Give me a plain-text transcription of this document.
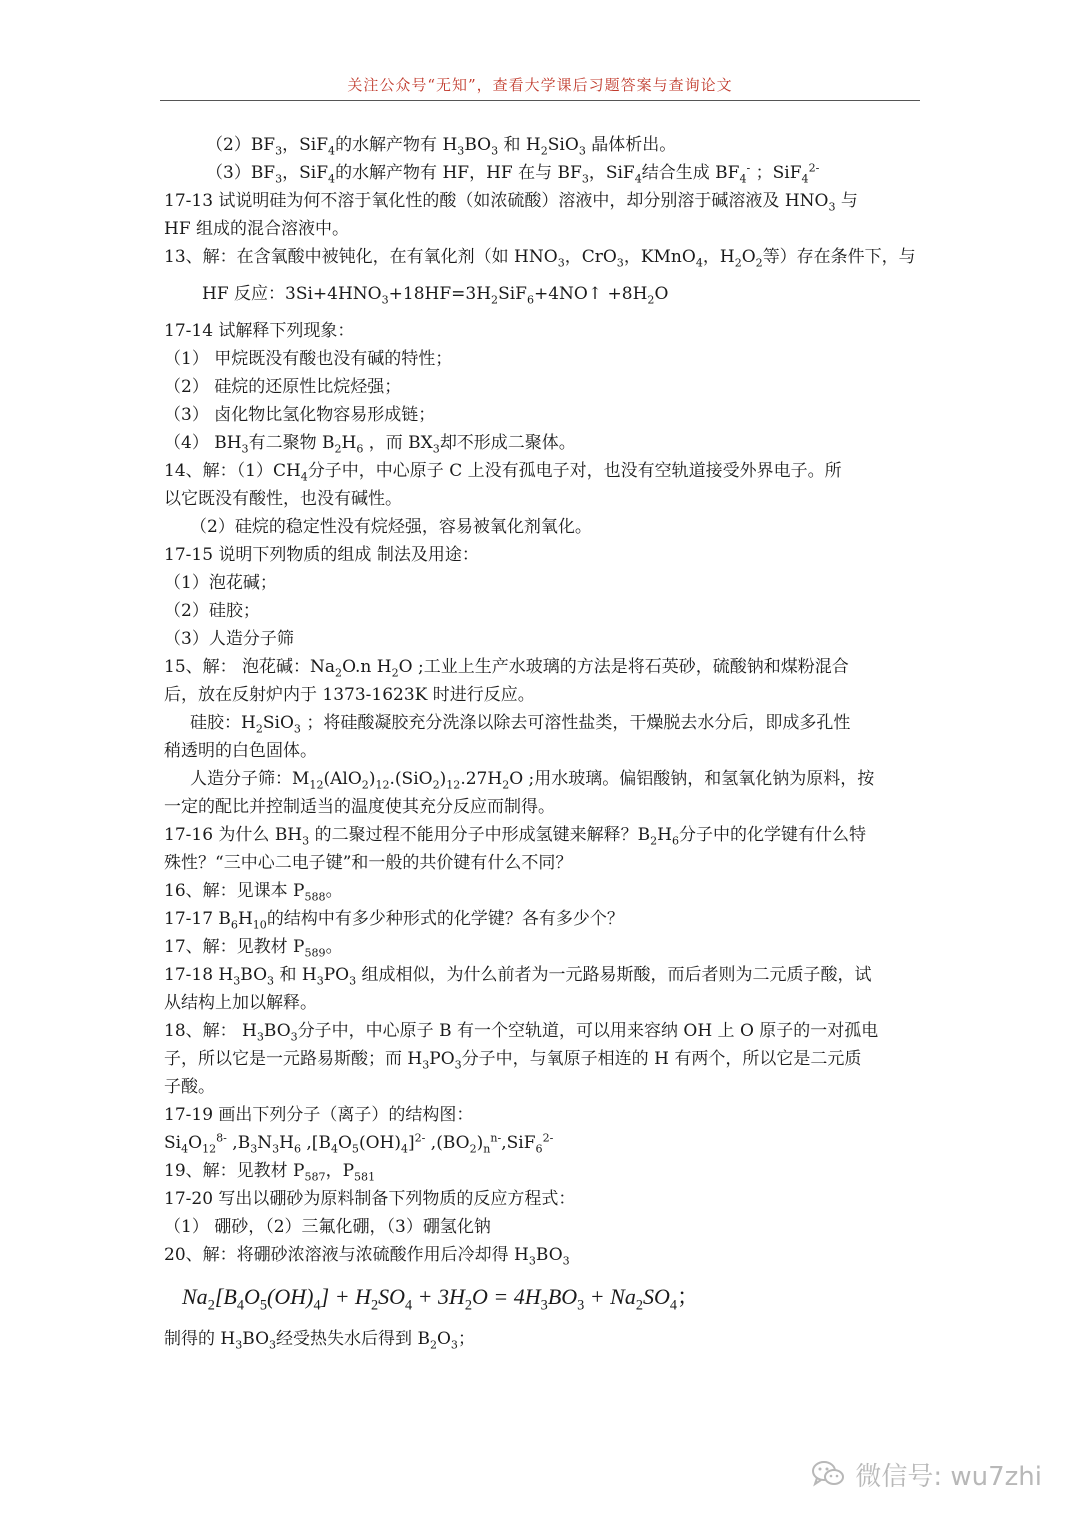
关注公众号“无知”，查看大学课后习题答案与查询论文

$(2)BF_3$，SiF$_4$的水解产物有 $H_3BO_3$ 和 $H_2SiO_3$ 晶体析出。

$(3)BF_3$，SiF$_4$的水解产物有 HF，HF 在与 $BF_3$，SiF$_4$结合生成 $BF_4^-$ ；SiF$_4^{2-}$

17-13 试说明硅为何不溶于氧化性的酸（如浓硫酸）溶液中，却分别溶于碱溶液及 $HNO_3$ 与

HF 组成的混合溶液中。

13、解：在含氧酸中被钝化，在有氧化剂（如 $HNO_3$，CrO$_3$，KMnO$_4$，$H_2O_2$等）存在条件下，与

HF 反应：$3Si+4HNO_3+18HF=3H_2SiF_6+4NO↑ +8H_2O$

17-14 试解释下列现象：

（1） 甲烷既没有酸也没有碱的特性；

（2） 硅烷的还原性比烷烃强；

（3） 卤化物比氢化物容易形成链；

（4） $BH_3$有二聚物 $B_2H_6$ ，而 $BX_3$却不形成二聚体。

14、解：$(1)CH_4$分子中，中心原子 C 上没有孤电子对，也没有空轨道接受外界电子。所

以它既没有酸性，也没有碱性。

（2）硅烷的稳定性没有烷烃强，容易被氧化剂氧化。

17-15 说明下列物质的组成 制法及用途：

（1）泡花碱；

（2）硅胶；

（3）人造分子筛

15、解： 泡花碱：$Na_2O.n$ $H_2O$ ;工业上生产水玻璃的方法是将石英砂，硫酸钠和煤粉混合

后，放在反射炉内于 1373-1623K 时进行反应。

硅胶：$H_2SiO_3$ ；将硅酸凝胶充分洗涤以除去可溶性盐类，干燥脱去水分后，即成多孔性

稍透明的白色固体。

人造分子筛：$M_{12}(AlO_2)_{12}.(SiO_2)_{12}.27H_2O$ ;用水玻璃。偏铝酸钠，和氢氧化钠为原料，按

一定的配比并控制适当的温度使其充分反应而制得。

17-16 为什么 $BH_3$ 的二聚过程不能用分子中形成氢键来解释？$B_2H_6$分子中的化学键有什么特

殊性？“三中心二电子键”和一般的共价键有什么不同？

16、解：见课本 $P_{588}$。

17-17 $B_6H_{10}$的结构中有多少种形式的化学键？各有多少个？

17、解：见教材 $P_{589}$。

17-18 $H_3BO_3$ 和 $H_3PO_3$ 组成相似，为什么前者为一元路易斯酸，而后者则为二元质子酸，试

从结构上加以解释。

18、解： $H_3BO_3$分子中，中心原子 B 有一个空轨道，可以用来容纳 OH 上 O 原子的一对孤电

子，所以它是一元路易斯酸；而 $H_3PO_3$分子中，与氧原子相连的 H 有两个，所以它是二元质

子酸。

17-19 画出下列分子（离子）的结构图：

$Si_4O_{12}^{8-}$ $,B_3N_3H_6$ $,[B_4O_5(OH)_4]^{2-}$ $,(BO_2)_n^{n-},SiF_6^{2-}$

19、解：见教材 $P_{587}$，$P_{581}$

17-20 写出以硼砂为原料制备下列物质的反应方程式：

（1） 硼砂，（2）三氟化硼，（3）硼氢化钠

20、解：将硼砂浓溶液与浓硫酸作用后冷却得 $H_3BO_3$

$Na_2[B_4O_5(OH)_4] + H_2SO_4 + 3H_2O = 4H_3BO_3 + Na_2SO_4$；

制得的 $H_3BO_3$经受热失水后得到 $B_2O_3$；

微信号: wu7zhi
